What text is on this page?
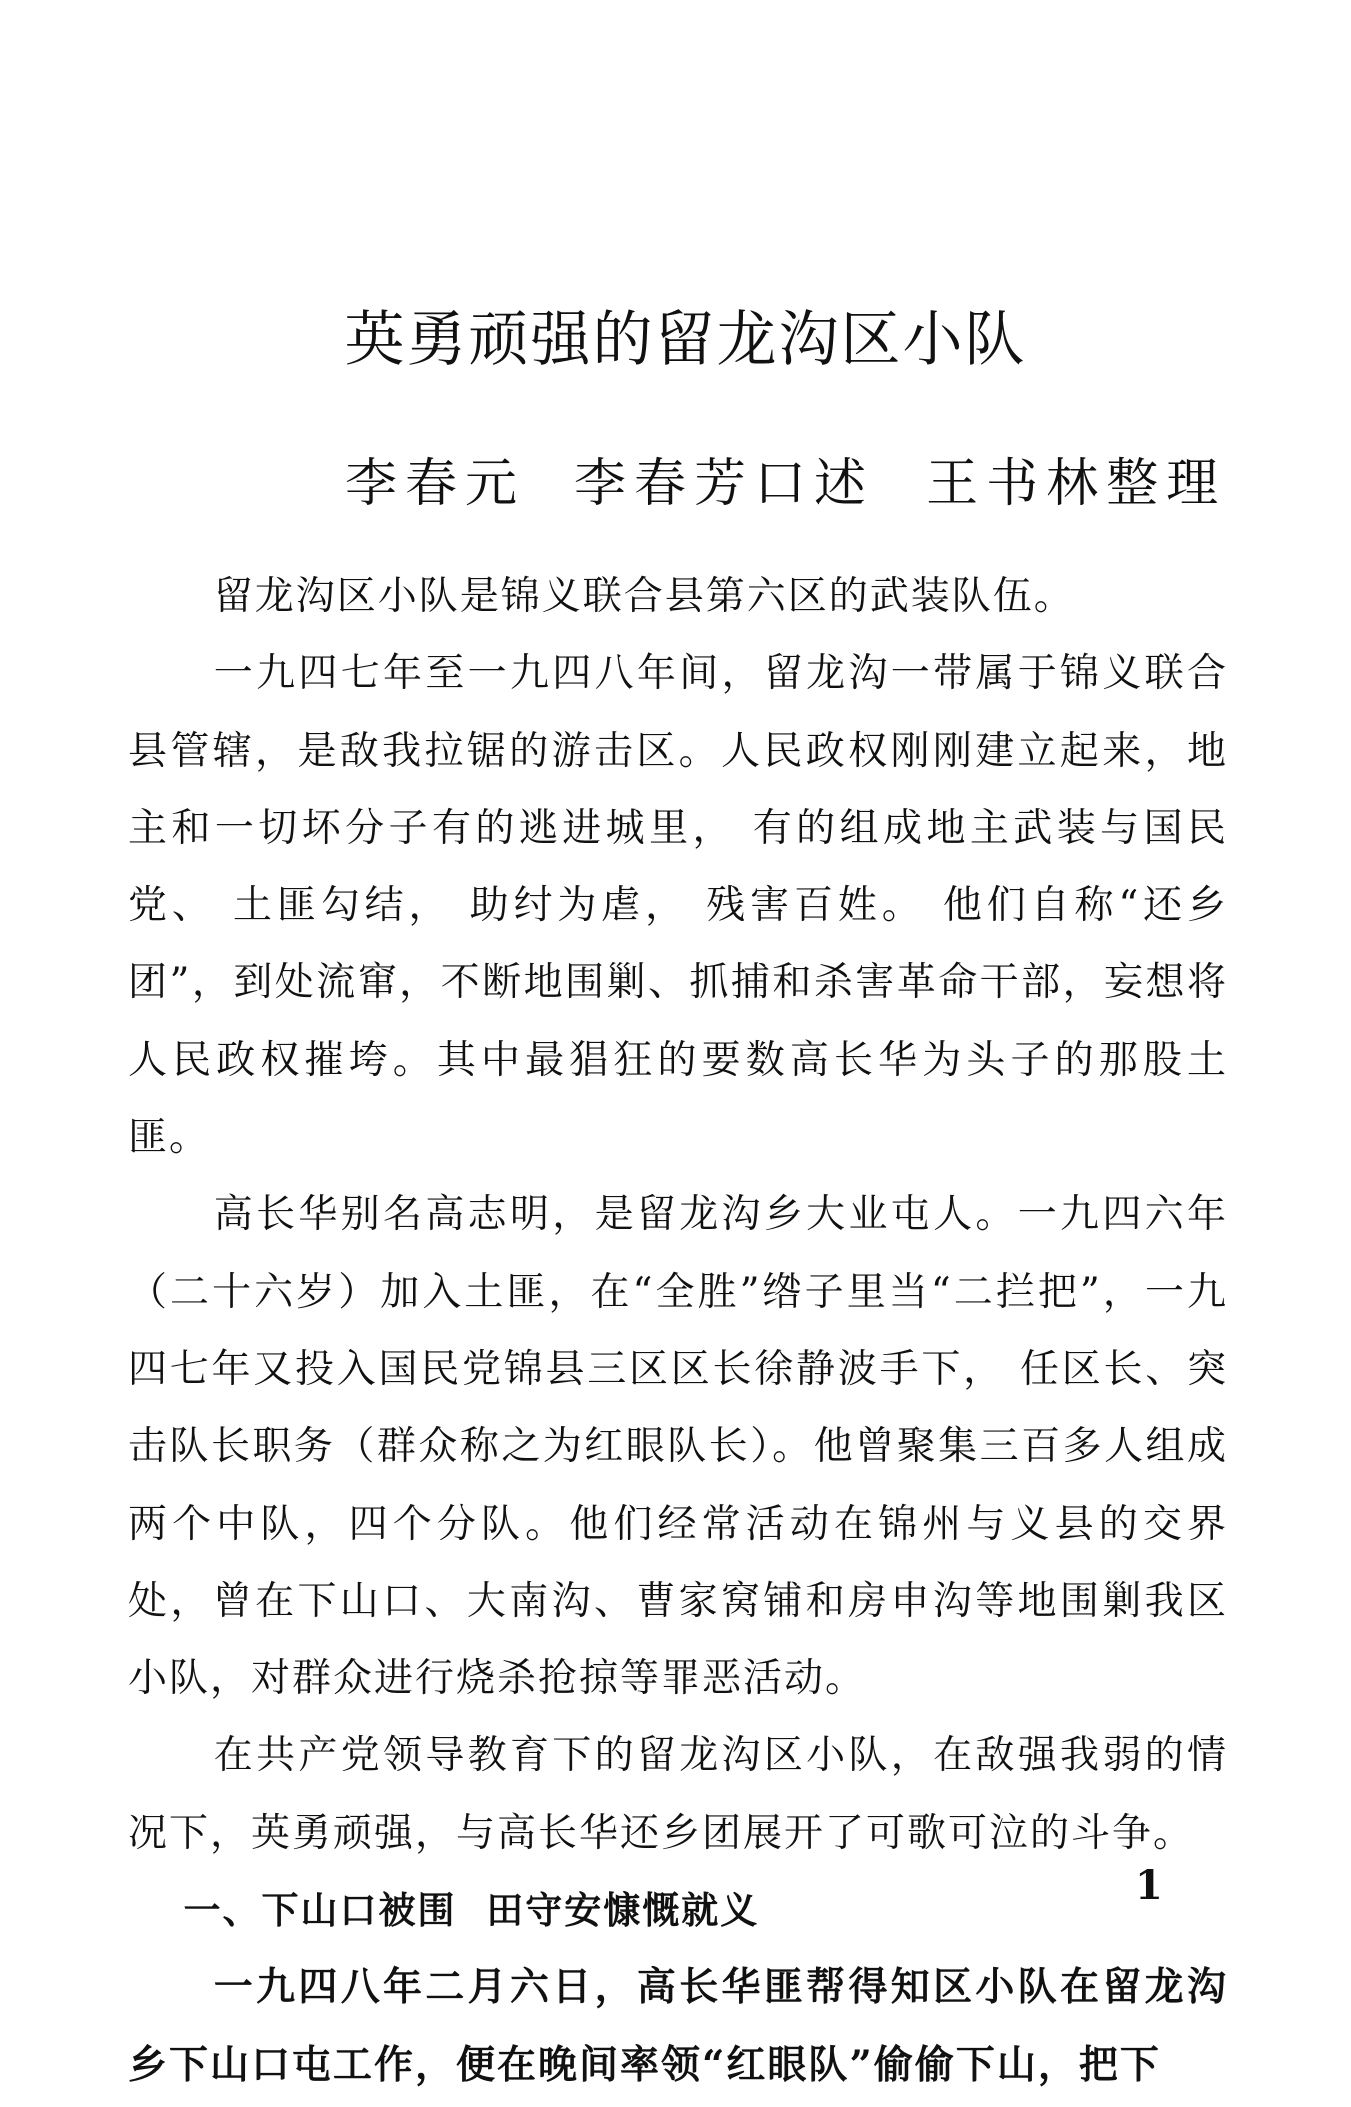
英勇顽强的留龙沟区小队
李春元  李春芳口述 王书林整理

留龙沟区小队是锦义联合县第六区的武装队伍。

一九四七年至一九四八年间，留龙沟一带属于锦义联合县管辖，是敌我拉锯的游击区。人民政权刚刚建立起来，地主和一切坏分子有的逃进城里， 有的组成地主武装与国民党、 土匪勾结， 助纣为虐， 残害百姓。 他们自称“还乡团”，到处流窜，不断地围剿、抓捕和杀害革命干部，妄想将人民政权摧垮。其中最猖狂的要数高长华为头子的那股土匪。

高长华别名高志明，是留龙沟乡大业屯人。一九四六年（二十六岁）加入土匪，在“全胜”绺子里当“二拦把”，一九四七年又投入国民党锦县三区区长徐静波手下， 任区长、突击队长职务（群众称之为红眼队长）。他曾聚集三百多人组成两个中队，四个分队。他们经常活动在锦州与义县的交界处，曾在下山口、大南沟、曹家窝铺和房申沟等地围剿我区小队，对群众进行烧杀抢掠等罪恶活动。

在共产党领导教育下的留龙沟区小队，在敌强我弱的情况下，英勇顽强，与高长华还乡团展开了可歌可泣的斗争。

一、下山口被围  田守安慷慨就义

一九四八年二月六日，高长华匪帮得知区小队在留龙沟乡下山口屯工作，便在晚间率领“红眼队”偷偷下山，把下

1
